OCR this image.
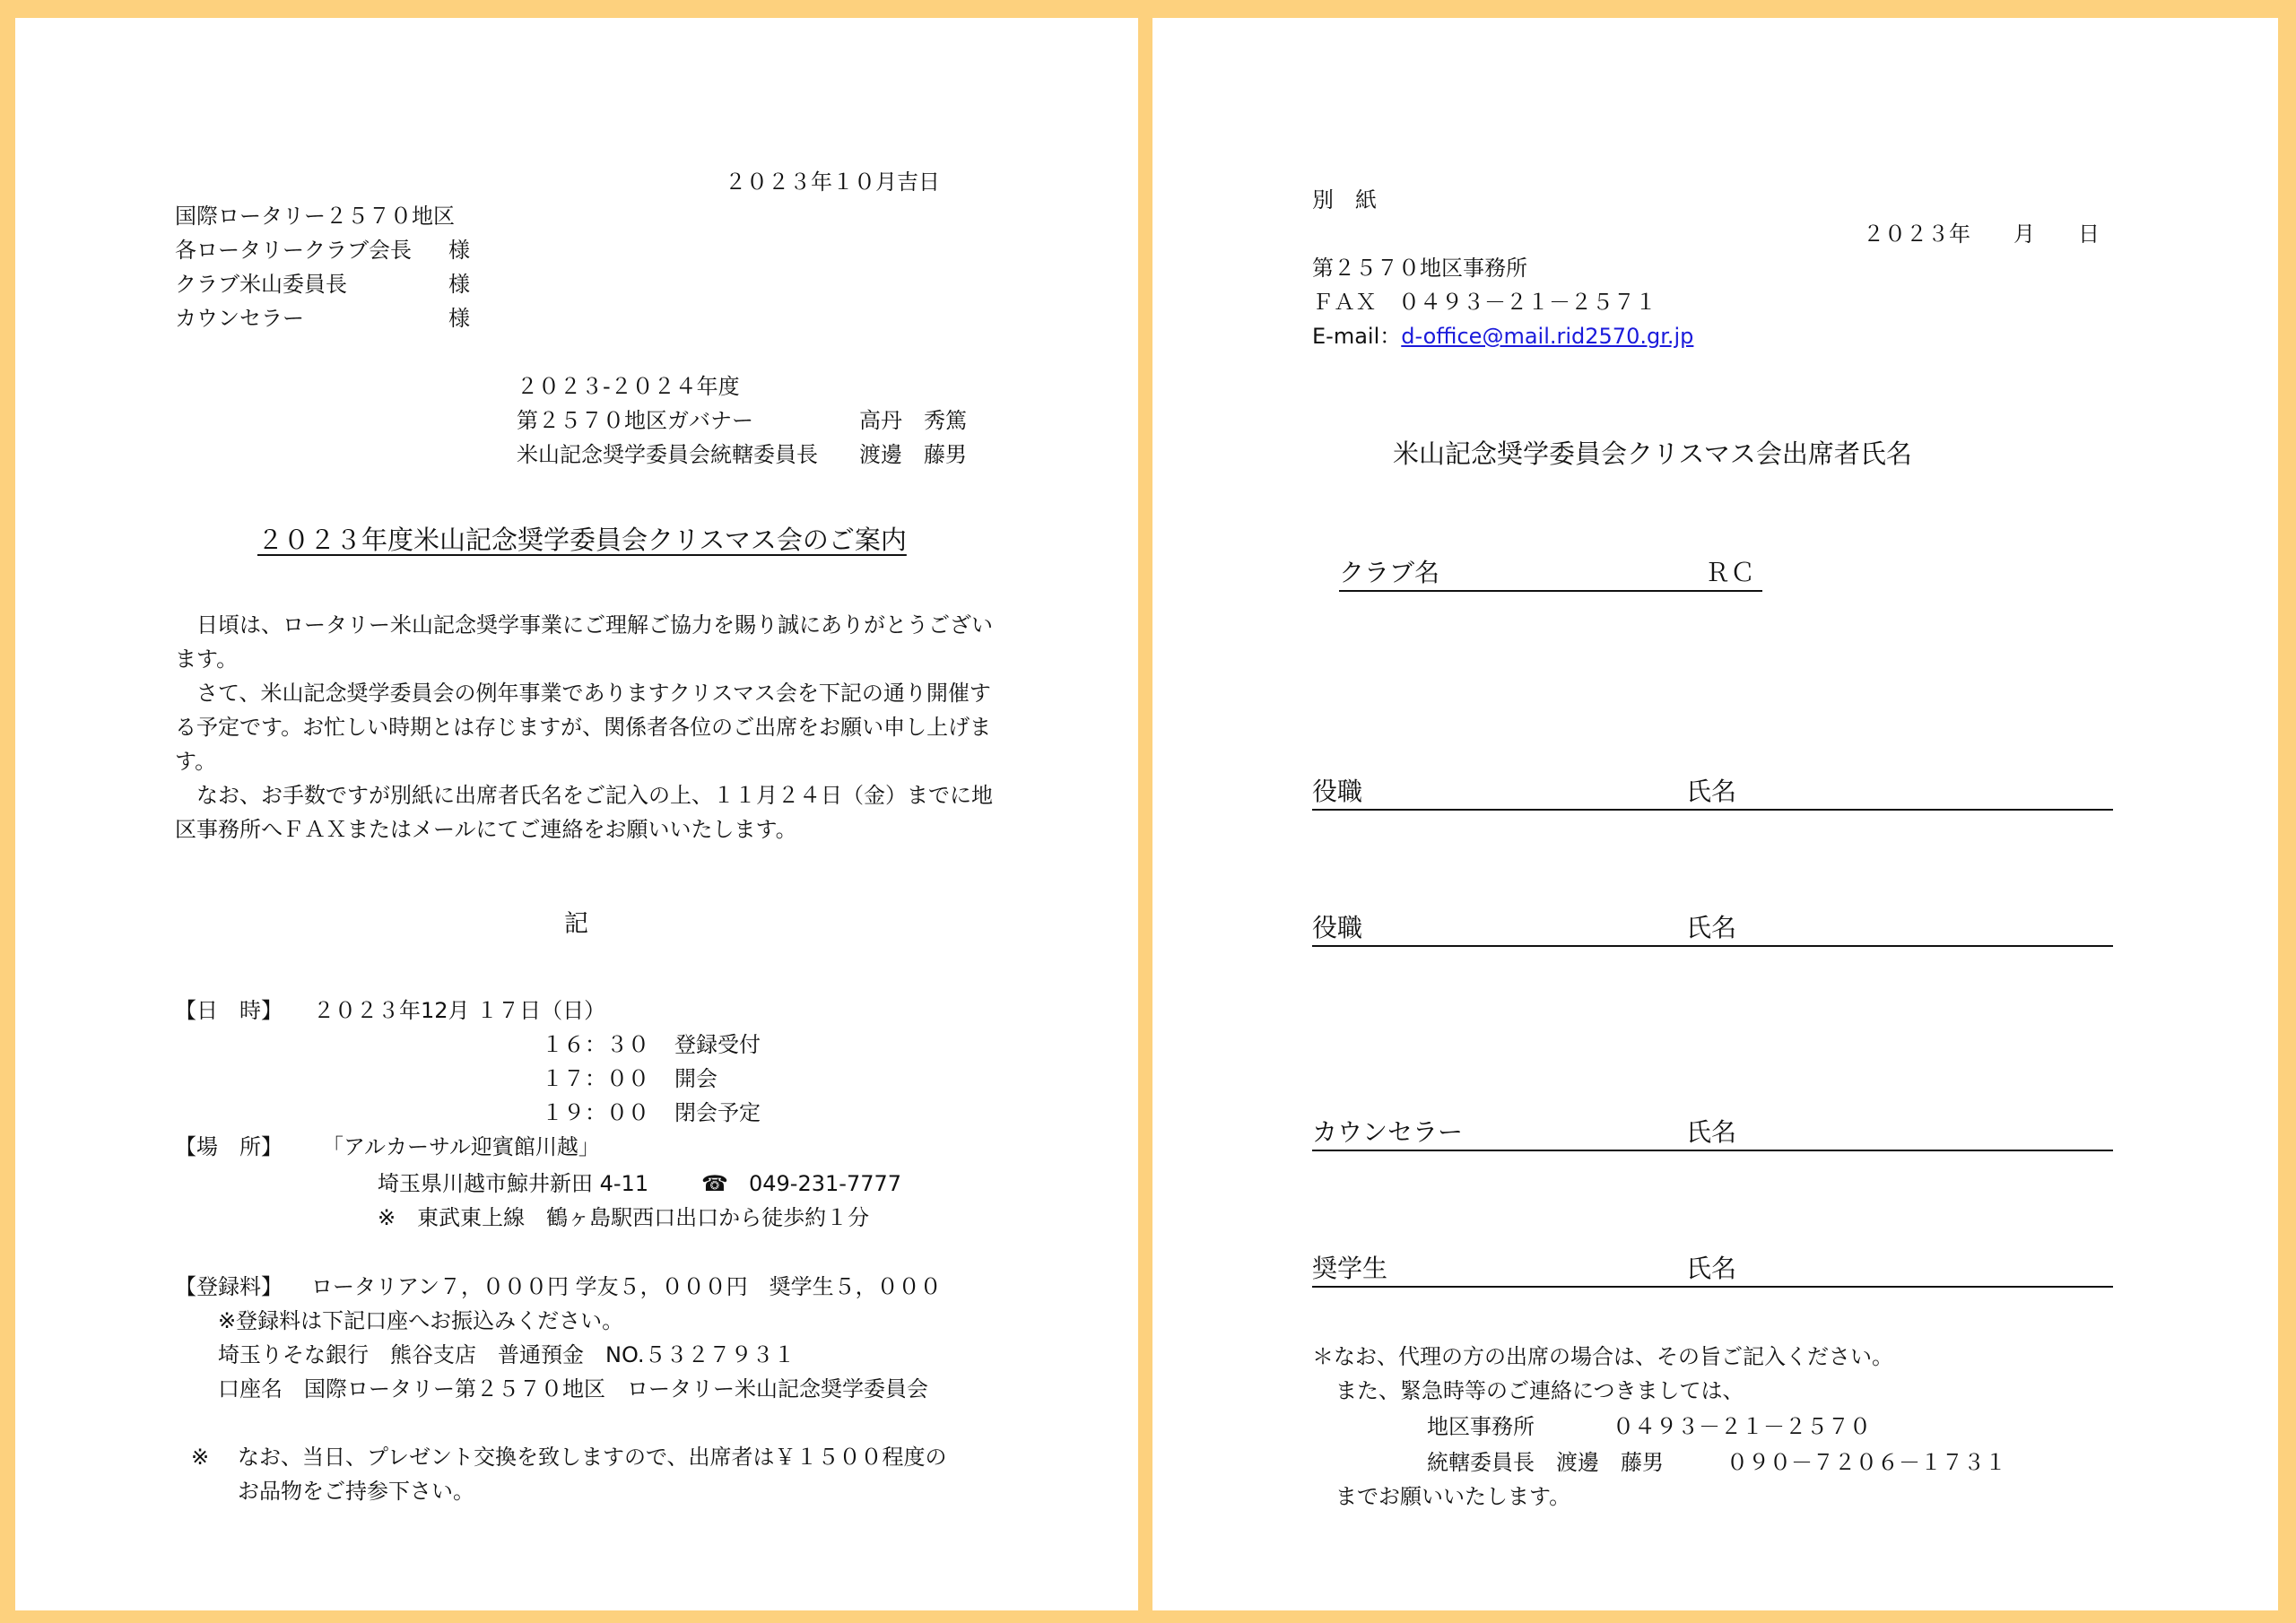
２０２３年１０月吉日
国際ロータリー２５７０地区
各ロータリークラブ会長 様
クラブ米山委員長	様
カウンセラー	様
２０２３-２０２４年度
第２５７０地区ガバナー	高丹　秀篤
米山記念奨学委員会統轄委員長 渡邊　藤男
２０２３年度米山記念奨学委員会クリスマス会のご案内

日頃は、ロータリー米山記念奨学事業にご理解ご協力を賜り誠にありがとうございます。

さて、米山記念奨学委員会の例年事業でありますクリスマス会を下記の通り開催する予定です。お忙しい時期とは存じますが、関係者各位のご出席をお願い申し上げます。

なお、お手数ですが別紙に出席者氏名をご記入の上、１１月２４日（金）までに地区事務所へＦＡＸまたはメールにてご連絡をお願いいたします。

記
【日　時】 ２０２３年12月 １７日（日）
１６：３０ 登録受付
１７：００ 開会
１９：００ 閉会予定
【場　所】 「アルカーサル迎賓館川越」
埼玉県川越市鯨井新田 4-11 ☎ 049-231-7777
※　東武東上線　鶴ヶ島駅西口出口から徒歩約１分
【登録料】 ロータリアン７，０００円 学友５，０００円　奨学生５，０００
※登録料は下記口座へお振込みください。
埼玉りそな銀行　熊谷支店　普通預金　NO.５３２７９３１
口座名　国際ロータリー第２５７０地区　ロータリー米山記念奨学委員会
※ なお、当日、プレゼント交換を致しますので、出席者は￥１５００程度の
お品物をご持参下さい。
別　紙
２０２３年　　月　　日
第２５７０地区事務所
ＦＡＸ　０４９３－２１－２５７１
E-mail：d-office@mail.rid2570.gr.jp
米山記念奨学委員会クリスマス会出席者氏名
クラブ名	ＲＣ
役職	氏名
役職	氏名
カウンセラー	氏名
奨学生	氏名
＊なお、代理の方の出席の場合は、その旨ご記入ください。
また、緊急時等のご連絡につきましては、
地区事務所	０４９３－２１－２５７０
統轄委員長　渡邊　藤男	０９０－７２０６－１７３１
までお願いいたします。
